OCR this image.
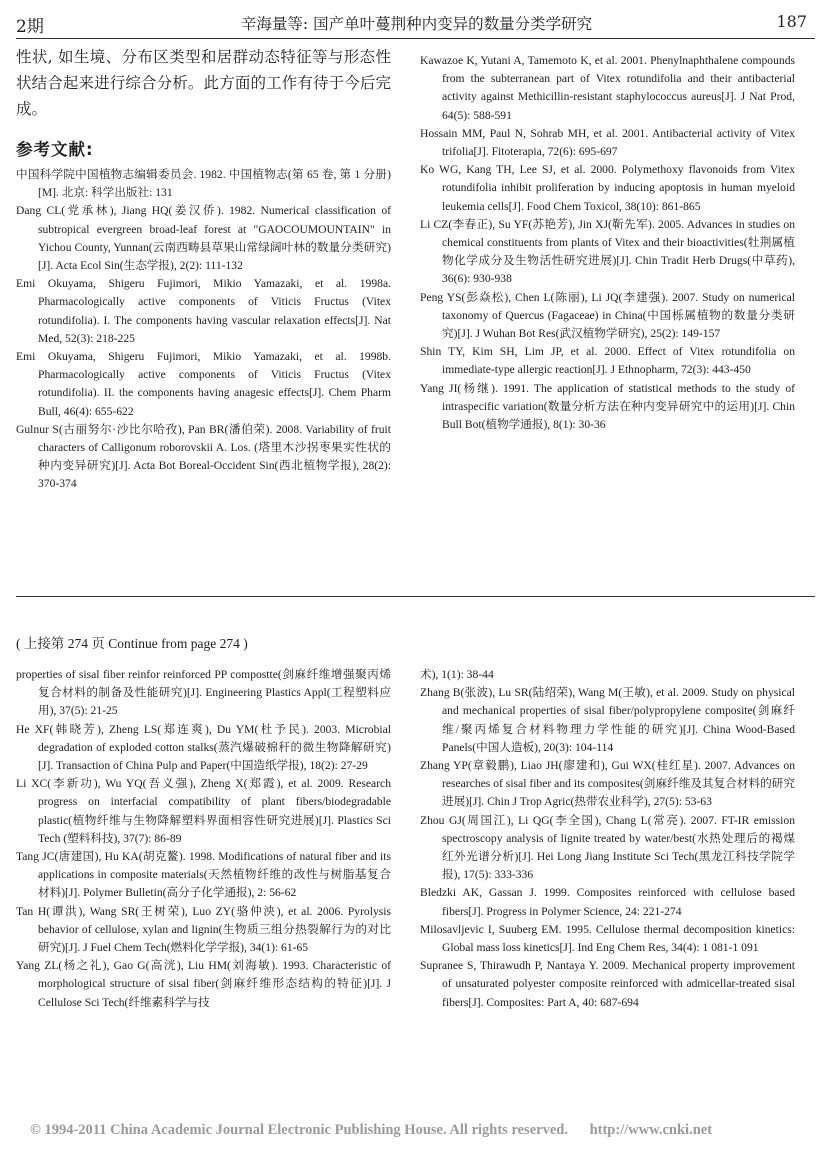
2期	辛海量等: 国产单叶蔓荆种内变异的数量分类学研究	187

性状, 如生境、分布区类型和居群动态特征等与形态性状结合起来进行综合分析。此方面的工作有待于今后完成。

参考文献:
中国科学院中国植物志编辑委员会. 1982. 中国植物志(第 65 卷, 第 1 分册)[M]. 北京: 科学出版社: 131
Dang CL(党承林), Jiang HQ(姜汉侨). 1982. Numerical classification of subtropical evergreen broad-leaf forest at "GAOCOUMOUNTAIN" in Yichou County, Yunnan(云南西畴县草果山常绿阔叶林的数量分类研究)[J]. Acta Ecol Sin(生态学报), 2(2): 111-132
Emi Okuyama, Shigeru Fujimori, Mikio Yamazaki, et al. 1998a. Pharmacologically active components of Viticis Fructus (Vitex rotundifolia). I. The components having vascular relaxation effects[J]. Nat Med, 52(3): 218-225
Emi Okuyama, Shigeru Fujimori, Mikio Yamazaki, et al. 1998b. Pharmacologically active components of Viticis Fructus (Vitex rotundifolia). II. the components having anagesic effects[J]. Chem Pharm Bull, 46(4): 655-622
Gulnur S(古丽努尔·沙比尔哈孜), Pan BR(潘伯荣). 2008. Variability of fruit characters of Calligonum roborovskii A. Los. (塔里木沙拐枣果实性状的种内变异研究)[J]. Acta Bot Boreal-Occident Sin(西北植物学报), 28(2): 370-374
Kawazoe K, Yutani A, Tamemoto K, et al. 2001. Phenylnaphthalene compounds from the subterranean part of Vitex rotundifolia and their antibacterial activity against Methicillin-resistant staphylococcus aureus[J]. J Nat Prod, 64(5): 588-591
Hossain MM, Paul N, Sohrab MH, et al. 2001. Antibacterial activity of Vitex trifolia[J]. Fitoterapia, 72(6): 695-697
Ko WG, Kang TH, Lee SJ, et al. 2000. Polymethoxy flavonoids from Vitex rotundifolia inhibit proliferation by inducing apoptosis in human myeloid leukemia cells[J]. Food Chem Toxicol, 38(10): 861-865
Li CZ(李春正), Su YF(苏艳芳), Jin XJ(靳先军). 2005. Advances in studies on chemical constituents from plants of Vitex and their bioactivities(牡荆属植物化学成分及生物活性研究进展)[J]. Chin Tradit Herb Drugs(中草药), 36(6): 930-938
Peng YS(彭焱松), Chen L(陈丽), Li JQ(李建强). 2007. Study on numerical taxonomy of Quercus (Fagaceae) in China(中国栎属植物的数量分类研究)[J]. J Wuhan Bot Res(武汉植物学研究), 25(2): 149-157
Shin TY, Kim SH, Lim JP, et al. 2000. Effect of Vitex rotundifolia on immediate-type allergic reaction[J]. J Ethnopharm, 72(3): 443-450
Yang JI(杨继). 1991. The application of statistical methods to the study of intraspecific variation(数量分析方法在种内变异研究中的运用)[J]. Chin Bull Bot(植物学通报), 8(1): 30-36
( 上接第 274 页 Continue from page 274 )
properties of sisal fiber reinfor reinforced PP compostte(剑麻纤维增强聚丙烯复合材料的制备及性能研究)[J]. Engineering Plastics Appl(工程塑料应用), 37(5): 21-25
He XF(韩晓芳), Zheng LS(郑连爽), Du YM(杜予民). 2003. Microbial degradation of exploded cotton stalks(蒸汽爆破棉秆的微生物降解研究)[J]. Transaction of China Pulp and Paper(中国造纸学报), 18(2): 27-29
Li XC(李新功), Wu YQ(吾义强), Zheng X(郑霞), et al. 2009. Research progress on interfacial compatibility of plant fibers/biodegradable plastic(植物纤维与生物降解塑料界面相容性研究进展)[J]. Plastics Sci Tech (塑料科技), 37(7): 86-89
Tang JC(唐建国), Hu KA(胡克鳌). 1998. Modifications of natural fiber and its applications in composite materials(天然植物纤维的改性与树脂基复合材料)[J]. Polymer Bulletin(高分子化学通报), 2: 56-62
Tan H(谭洪), Wang SR(王树荣), Luo ZY(骆仲泱), et al. 2006. Pyrolysis behavior of cellulose, xylan and lignin(生物质三组分热裂解行为的对比研究)[J]. J Fuel Chem Tech(燃料化学学报), 34(1): 61-65
Yang ZL(杨之礼), Gao G(高洸), Liu HM(刘海敏). 1993. Characteristic of morphological structure of sisal fiber(剑麻纤维形态结构的特征)[J]. J Cellulose Sci Tech(纤维素科学与技
术), 1(1): 38-44
Zhang B(张波), Lu SR(陆绍荣), Wang M(王敏), et al. 2009. Study on physical and mechanical properties of sisal fiber/polypropylene composite(剑麻纤维/聚丙烯复合材料物理力学性能的研究)[J]. China Wood-Based Panels(中国人造板), 20(3): 104-114
Zhang YP(章毅鹏), Liao JH(廖建和), Gui WX(桂红星). 2007. Advances on researches of sisal fiber and its composites(剑麻纤维及其复合材料的研究进展)[J]. Chin J Trop Agric(热带农业科学), 27(5): 53-63
Zhou GJ(周国江), Li QG(李全国), Chang L(常亮). 2007. FT-IR emission spectroscopy analysis of lignite treated by water/best(水热处理后的褐煤红外光谱分析)[J]. Hei Long Jiang Institute Sci Tech(黑龙江科技学院学报), 17(5): 333-336
Bledzki AK, Gassan J. 1999. Composites reinforced with cellulose based fibers[J]. Progress in Polymer Science, 24: 221-274
Milosavljevic I, Suuberg EM. 1995. Cellulose thermal decomposition kinetics: Global mass loss kinetics[J]. Ind Eng Chem Res, 34(4): 1 081-1 091
Supranee S, Thirawudh P, Nantaya Y. 2009. Mechanical property improvement of unsaturated polyester composite reinforced with admicellar-treated sisal fibers[J]. Composites: Part A, 40: 687-694
© 1994-2011 China Academic Journal Electronic Publishing House. All rights reserved. http://www.cnki.net
